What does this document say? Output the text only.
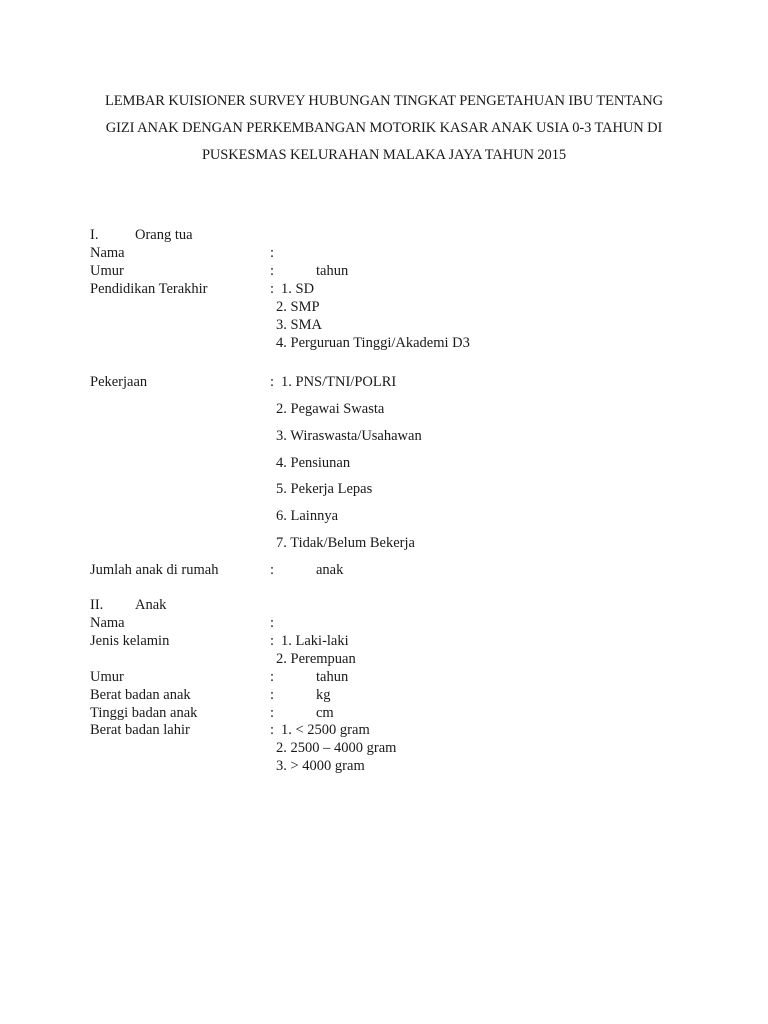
LEMBAR KUISIONER SURVEY HUBUNGAN TINGKAT PENGETAHUAN IBU TENTANG
GIZI ANAK DENGAN PERKEMBANGAN MOTORIK KASAR ANAK USIA 0-3 TAHUN DI
PUSKESMAS KELURAHAN MALAKA JAYA TAHUN 2015
I.	Orang tua
Nama	:
Umur	:	tahun
Pendidikan Terakhir	: 1. SD
2. SMP
3. SMA
4. Perguruan Tinggi/Akademi D3
Pekerjaan	: 1. PNS/TNI/POLRI
2. Pegawai Swasta
3. Wiraswasta/Usahawan
4. Pensiunan
5. Pekerja Lepas
6. Lainnya
7. Tidak/Belum Bekerja
Jumlah anak di rumah	:	anak
II. Anak
Nama	:
Jenis kelamin	: 1. Laki-laki
2. Perempuan
Umur	:	tahun
Berat badan anak	:	kg
Tinggi badan anak	:	cm
Berat badan lahir	: 1. < 2500 gram
2. 2500 – 4000 gram
3. > 4000 gram
